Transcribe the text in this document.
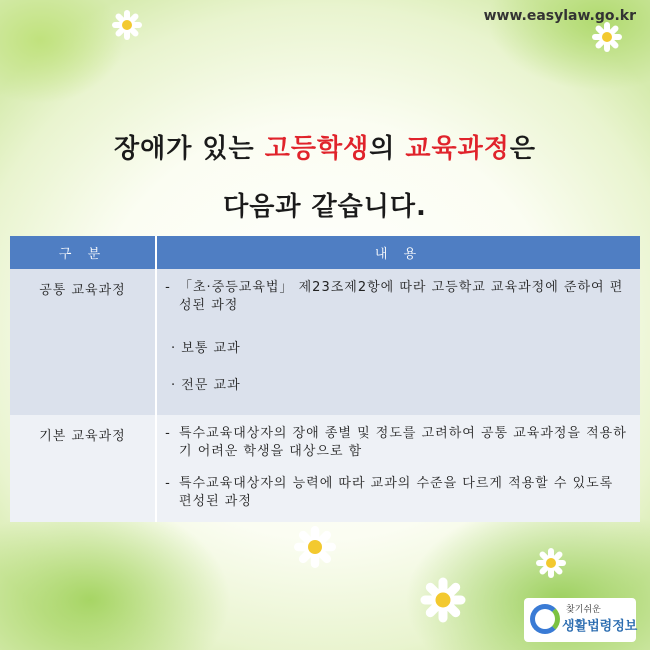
www.easylaw.go.kr
장애가 있는 고등학생의 교육과정은
다음과 같습니다.
구 분	내 용

공통 교육과정	- 「초·중등교육법」 제23조제2항에 따라 고등학교 교육과정에 준하여 편성된 과정
· 보통 교과
· 전문 교과

기본 교육과정	- 특수교육대상자의 장애 종별 및 정도를 고려하여 공통 교육과정을 적용하기 어려운 학생을 대상으로 함
- 특수교육대상자의 능력에 따라 교과의 수준을 다르게 적용할 수 있도록 편성된 과정
찾기쉬운
생활법령정보
